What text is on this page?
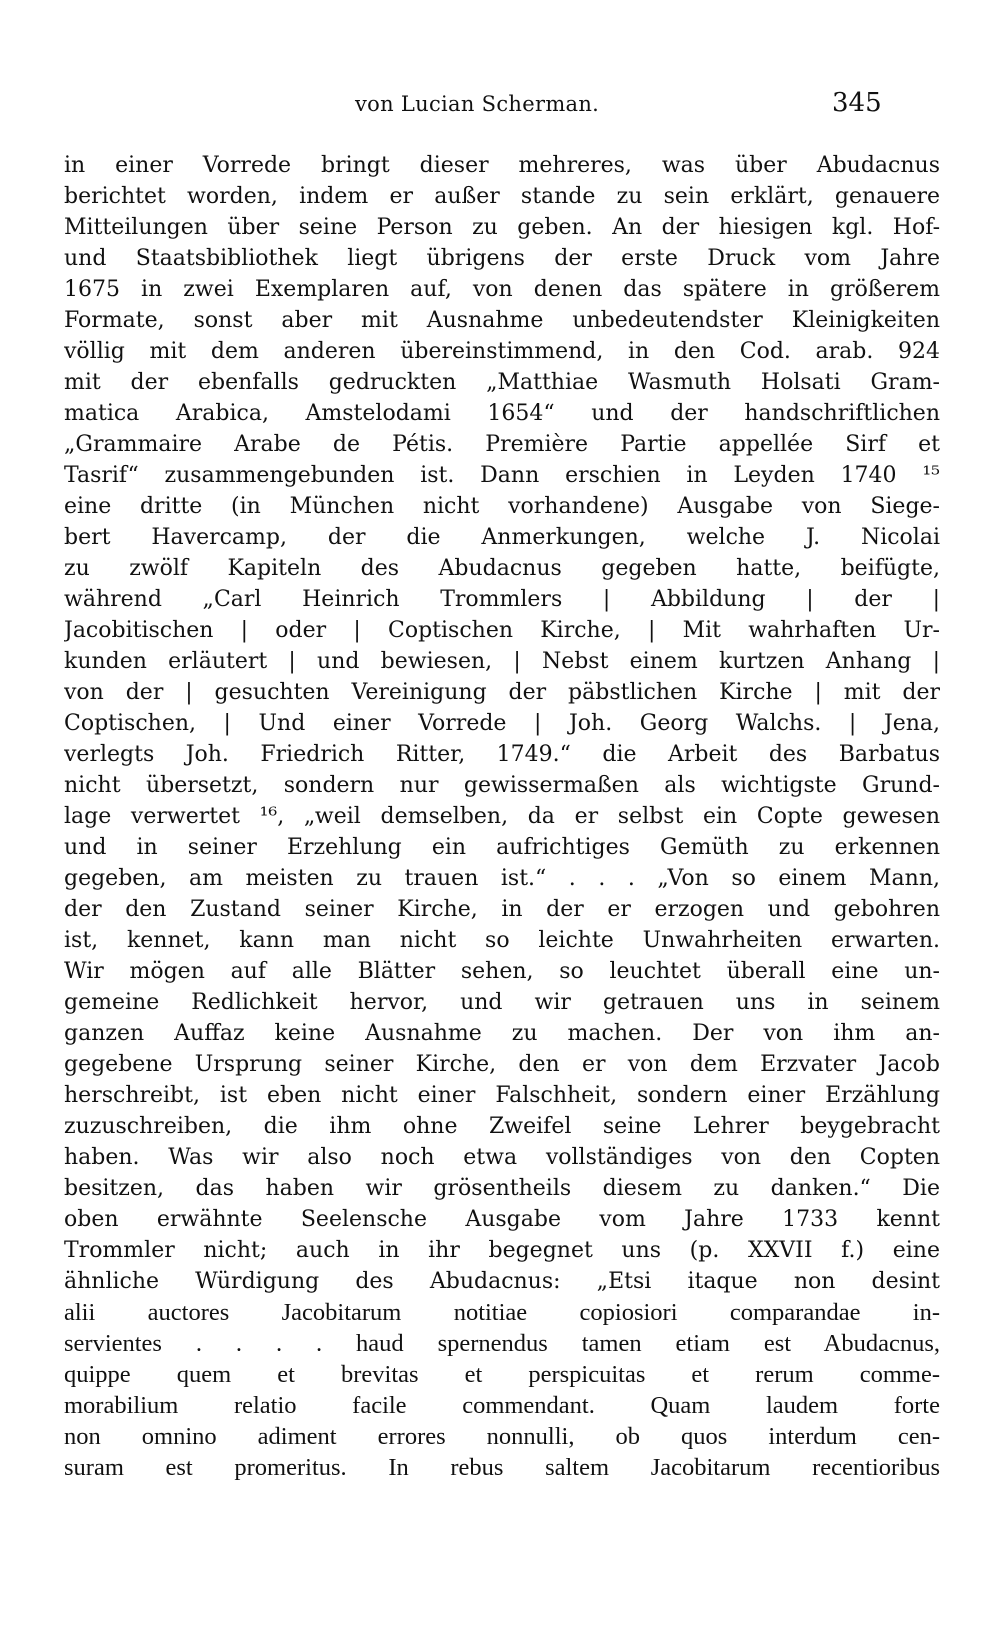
von Lucian Scherman.	345
in einer Vorrede bringt dieser mehreres, was über Abudacnus
berichtet worden, indem er außer stande zu sein erklärt, genauere
Mitteilungen über seine Person zu geben. An der hiesigen kgl. Hof-
und Staatsbibliothek liegt übrigens der erste Druck vom Jahre
1675 in zwei Exemplaren auf, von denen das spätere in größerem
Formate, sonst aber mit Ausnahme unbedeutendster Kleinigkeiten
völlig mit dem anderen übereinstimmend, in den Cod. arab. 924
mit der ebenfalls gedruckten „Matthiae Wasmuth Holsati Gram-
matica Arabica, Amstelodami 1654“ und der handschriftlichen
„Grammaire Arabe de Pétis. Première Partie appellée Sirf et
Tasrif“ zusammengebunden ist. Dann erschien in Leyden 1740 ¹⁵
eine dritte (in München nicht vorhandene) Ausgabe von Siege-
bert Havercamp, der die Anmerkungen, welche J. Nicolai
zu zwölf Kapiteln des Abudacnus gegeben hatte, beifügte,
während „Carl Heinrich Trommlers | Abbildung | der |
Jacobitischen | oder | Coptischen Kirche, | Mit wahrhaften Ur-
kunden erläutert | und bewiesen, | Nebst einem kurtzen Anhang |
von der | gesuchten Vereinigung der päbstlichen Kirche | mit der
Coptischen, | Und einer Vorrede | Joh. Georg Walchs. | Jena,
verlegts Joh. Friedrich Ritter, 1749.“ die Arbeit des Barbatus
nicht übersetzt, sondern nur gewissermaßen als wichtigste Grund-
lage verwertet ¹⁶, „weil demselben, da er selbst ein Copte gewesen
und in seiner Erzehlung ein aufrichtiges Gemüth zu erkennen
gegeben, am meisten zu trauen ist.“ . . . „Von so einem Mann,
der den Zustand seiner Kirche, in der er erzogen und gebohren
ist, kennet, kann man nicht so leichte Unwahrheiten erwarten.
Wir mögen auf alle Blätter sehen, so leuchtet überall eine un-
gemeine Redlichkeit hervor, und wir getrauen uns in seinem
ganzen Auffaz keine Ausnahme zu machen. Der von ihm an-
gegebene Ursprung seiner Kirche, den er von dem Erzvater Jacob
herschreibt, ist eben nicht einer Falschheit, sondern einer Erzählung
zuzuschreiben, die ihm ohne Zweifel seine Lehrer beygebracht
haben. Was wir also noch etwa vollständiges von den Copten
besitzen, das haben wir grösentheils diesem zu danken.“ Die
oben erwähnte Seelensche Ausgabe vom Jahre 1733 kennt
Trommler nicht; auch in ihr begegnet uns (p. XXVII f.) eine
ähnliche Würdigung des Abudacnus: „Etsi itaque non desint
alii auctores Jacobitarum notitiae copiosiori comparandae in-
servientes . . . . haud spernendus tamen etiam est Abudacnus,
quippe quem et brevitas et perspicuitas et rerum comme-
morabilium relatio facile commendant. Quam laudem forte
non omnino adiment errores nonnulli, ob quos interdum cen-
suram est promeritus. In rebus saltem Jacobitarum recentioribus
